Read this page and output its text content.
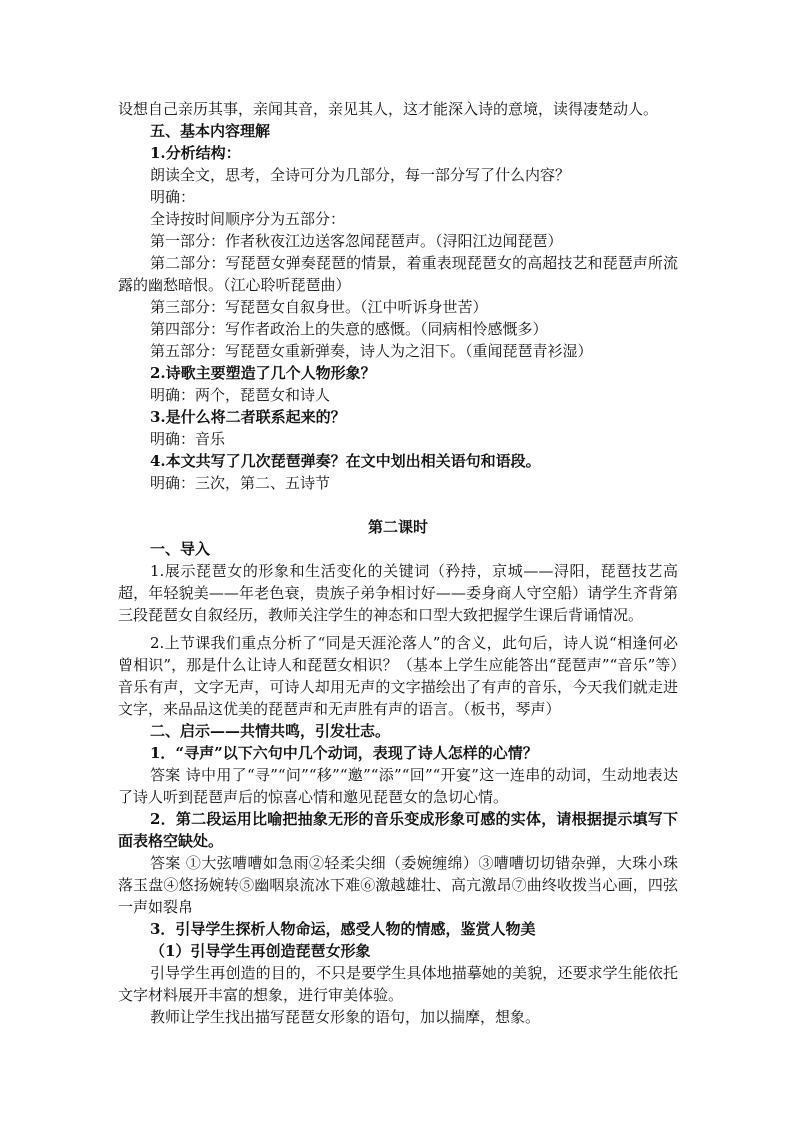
设想自己亲历其事，亲闻其音，亲见其人，这才能深入诗的意境，读得凄楚动人。

五、基本内容理解

1.分析结构：

朗读全文，思考，全诗可分为几部分，每一部分写了什么内容？

明确：

全诗按时间顺序分为五部分：

第一部分：作者秋夜江边送客忽闻琵琶声。（浔阳江边闻琵琶）

第二部分：写琵琶女弹奏琵琶的情景，着重表现琵琶女的高超技艺和琵琶声所流露的幽愁暗恨。（江心聆听琵琶曲）

第三部分：写琵琶女自叙身世。（江中听诉身世苦）

第四部分：写作者政治上的失意的感慨。（同病相怜感慨多）

第五部分：写琵琶女重新弹奏，诗人为之泪下。（重闻琵琶青衫湿）

2.诗歌主要塑造了几个人物形象？

明确：两个，琵琶女和诗人

3.是什么将二者联系起来的？

明确：音乐

4.本文共写了几次琵琶弹奏？在文中划出相关语句和语段。

明确：三次，第二、五诗节

第二课时

一、导入

1.展示琵琶女的形象和生活变化的关键词（矜持，京城——浔阳，琵琶技艺高超，年轻貌美——年老色衰，贵族子弟争相讨好——委身商人守空船）请学生齐背第三段琵琶女自叙经历，教师关注学生的神态和口型大致把握学生课后背诵情况。

2.上节课我们重点分析了“同是天涯沦落人”的含义，此句后，诗人说“相逢何必曾相识”，那是什么让诗人和琵琶女相识？（基本上学生应能答出“琵琶声”“音乐”等）音乐有声，文字无声，可诗人却用无声的文字描绘出了有声的音乐，今天我们就走进文字，来品品这优美的琵琶声和无声胜有声的语言。（板书，琴声）

二、启示——共情共鸣，引发壮志。

1．“寻声”以下六句中几个动词，表现了诗人怎样的心情？

答案 诗中用了“寻”“问”“移”“邀”“添”“回”“开宴”这一连串的动词，生动地表达了诗人听到琵琶声后的惊喜心情和邀见琵琶女的急切心情。

2．第二段运用比喻把抽象无形的音乐变成形象可感的实体，请根据提示填写下面表格空缺处。

答案 ①大弦嘈嘈如急雨②轻柔尖细（委婉缠绵）③嘈嘈切切错杂弹，大珠小珠落玉盘④悠扬婉转⑤幽咽泉流冰下难⑥激越雄壮、高亢激昂⑦曲终收拨当心画，四弦一声如裂帛

3．引导学生探析人物命运，感受人物的情感，鉴赏人物美

（1）引导学生再创造琵琶女形象

引导学生再创造的目的，不只是要学生具体地描摹她的美貌，还要求学生能依托文字材料展开丰富的想象，进行审美体验。

教师让学生找出描写琵琶女形象的语句，加以揣摩，想象。
